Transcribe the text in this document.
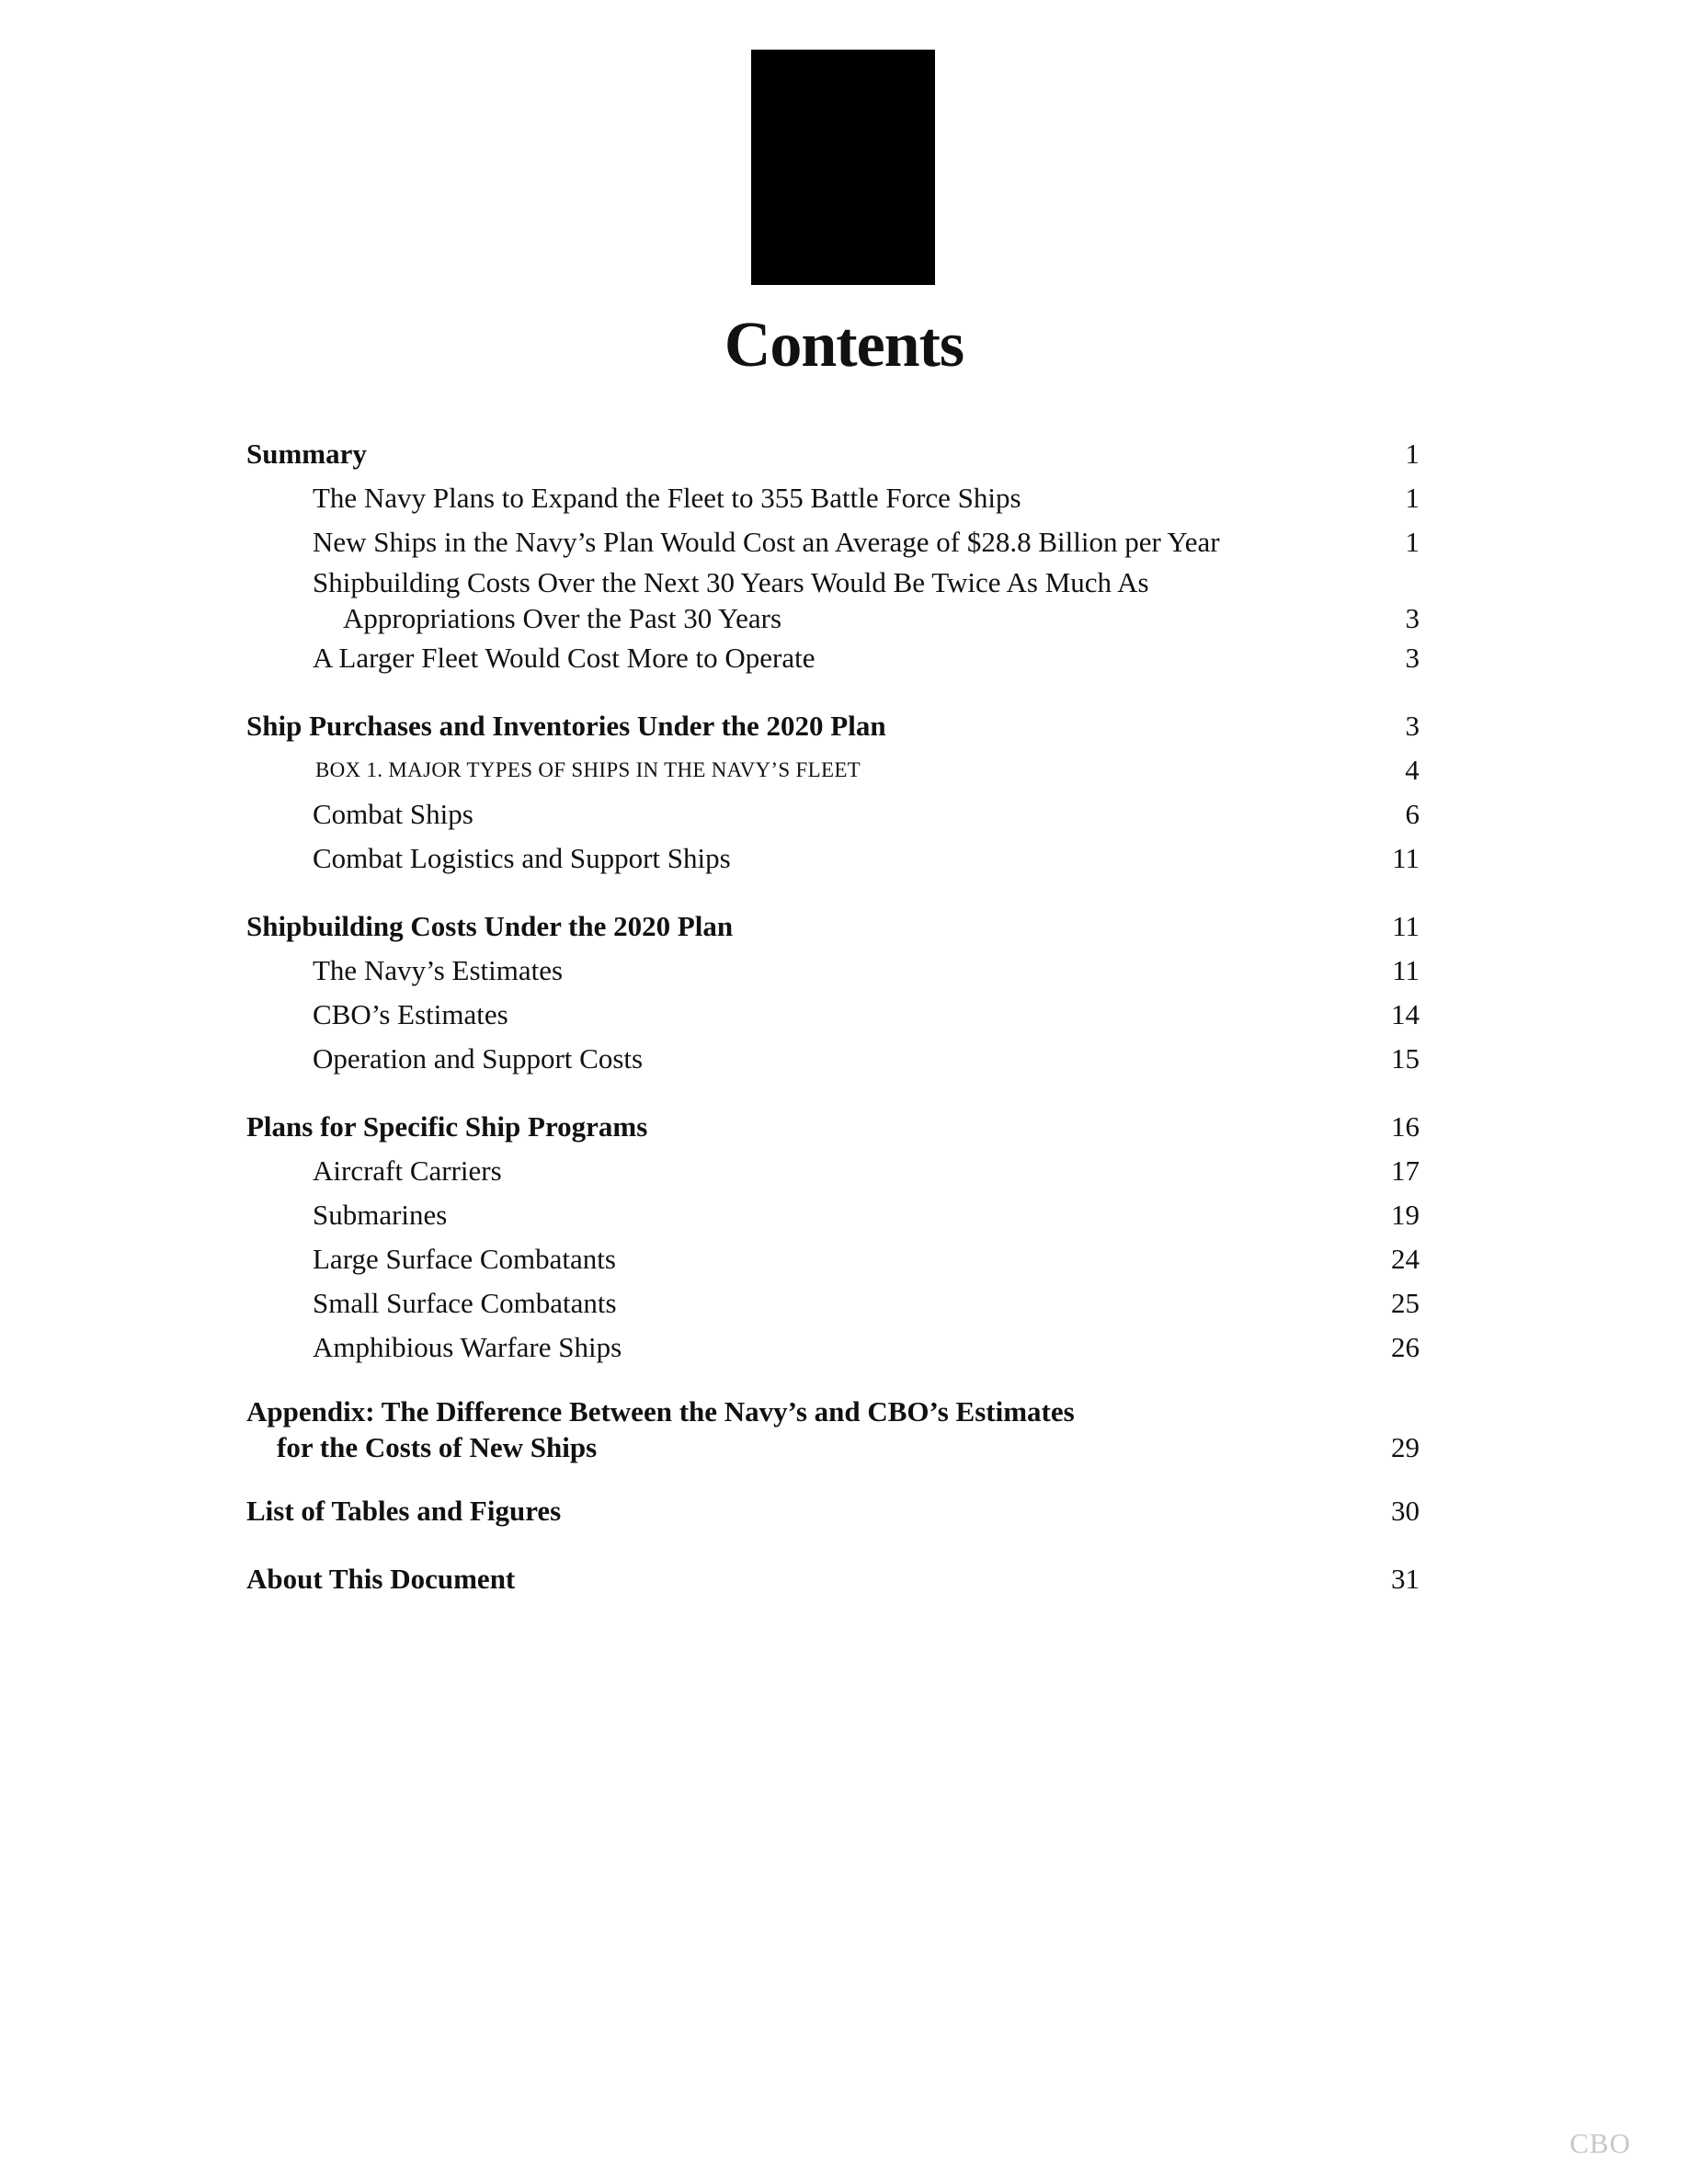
Contents
Summary	1
The Navy Plans to Expand the Fleet to 355 Battle Force Ships	1
New Ships in the Navy’s Plan Would Cost an Average of $28.8 Billion per Year	1
Shipbuilding Costs Over the Next 30 Years Would Be Twice As Much As
Appropriations Over the Past 30 Years	3
A Larger Fleet Would Cost More to Operate	3
Ship Purchases and Inventories Under the 2020 Plan	3
BOX 1. MAJOR TYPES OF SHIPS IN THE NAVY’S FLEET	4
Combat Ships	6
Combat Logistics and Support Ships	11
Shipbuilding Costs Under the 2020 Plan	11
The Navy’s Estimates	11
CBO’s Estimates	14
Operation and Support Costs	15
Plans for Specific Ship Programs	16
Aircraft Carriers	17
Submarines	19
Large Surface Combatants	24
Small Surface Combatants	25
Amphibious Warfare Ships	26
Appendix: The Difference Between the Navy’s and CBO’s Estimates
for the Costs of New Ships	29
List of Tables and Figures	30
About This Document	31
CBO
